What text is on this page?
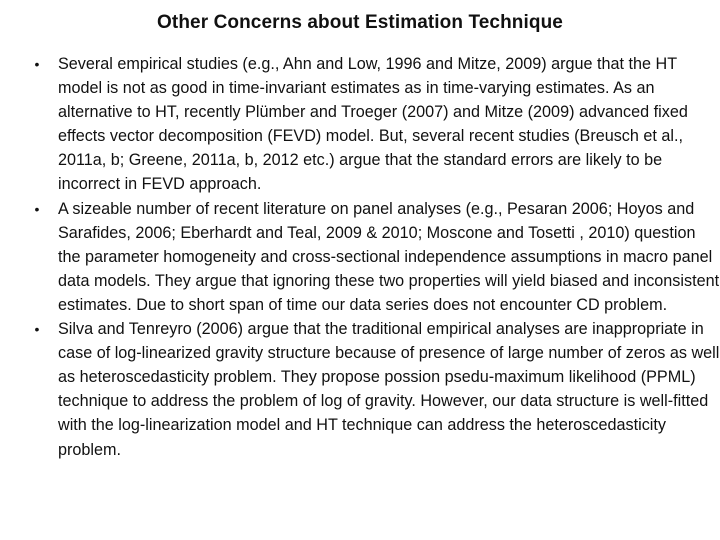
Other Concerns about Estimation Technique
• Several empirical studies (e.g., Ahn and Low, 1996 and Mitze, 2009) argue that the HT model is not as good in time-invariant estimates as in time-varying estimates. As an alternative to HT, recently Plümber and Troeger (2007) and Mitze (2009) advanced fixed effects vector decomposition (FEVD) model. But, several recent studies (Breusch et al., 2011a, b; Greene, 2011a, b, 2012 etc.) argue that the standard errors are likely to be incorrect in FEVD approach.
• A sizeable number of recent literature on panel analyses (e.g., Pesaran 2006; Hoyos and Sarafides, 2006; Eberhardt and Teal, 2009 & 2010; Moscone and Tosetti , 2010) question the parameter homogeneity and cross-sectional independence assumptions in macro panel data models. They argue that ignoring these two properties will yield biased and inconsistent estimates. Due to short span of time our data series does not encounter CD problem.
• Silva and Tenreyro (2006) argue that the traditional empirical analyses are inappropriate in case of log-linearized gravity structure because of presence of large number of zeros as well as heteroscedasticity problem. They propose possion psedu-maximum likelihood (PPML) technique to address the problem of log of gravity. However, our data structure is well-fitted with the log-linearization model and HT technique can address the heteroscedasticity problem.
